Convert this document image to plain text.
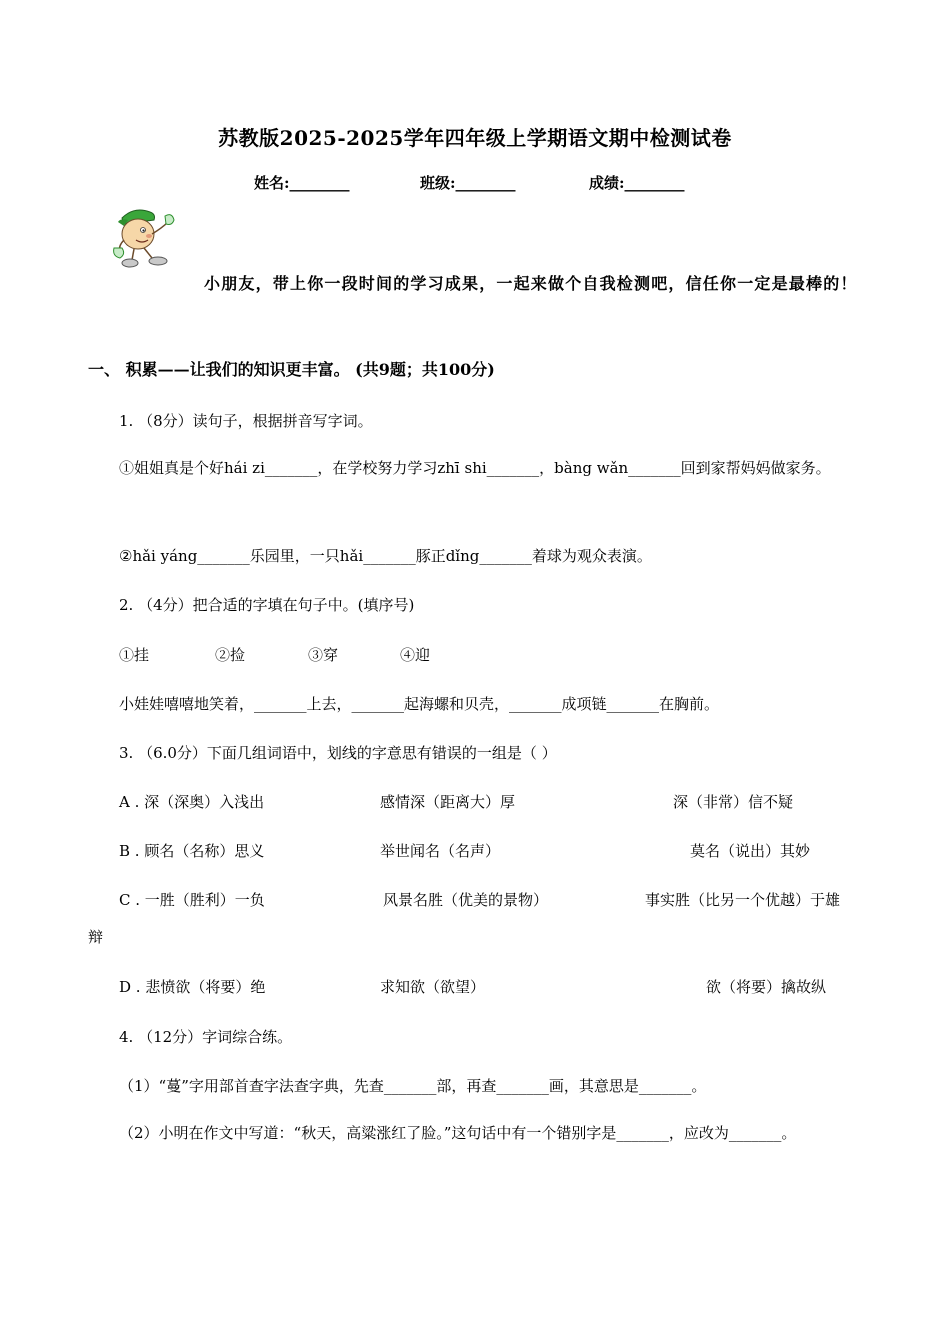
苏教版2025-2025学年四年级上学期语文期中检测试卷
姓名:________	班级:________	成绩:________
小朋友，带上你一段时间的学习成果，一起来做个自我检测吧，信任你一定是最棒的！
一、 积累——让我们的知识更丰富。 (共9题；共100分)
1. （8分）读句子，根据拼音写字词。
①姐姐真是个好hái zi_______，在学校努力学习zhī shi_______，bàng wǎn_______回到家帮妈妈做家务。
②hǎi yáng_______乐园里，一只hǎi_______豚正dǐng_______着球为观众表演。
2. （4分）把合适的字填在句子中。(填序号)
①挂	②捡	③穿	④迎
小娃娃嘻嘻地笑着，_______上去，_______起海螺和贝壳，_______成项链_______在胸前。
3. （6.0分）下面几组词语中，划线的字意思有错误的一组是（ ）
A . 深（深奥）入浅出	感情深（距离大）厚	深（非常）信不疑
B . 顾名（名称）思义	举世闻名（名声）	莫名（说出）其妙
C . 一胜（胜利）一负	风景名胜（优美的景物）	事实胜（比另一个优越）于雄
辩
D . 悲愤欲（将要）绝	求知欲（欲望）	欲（将要）擒故纵
4. （12分）字词综合练。
（1）“蔓”字用部首查字法查字典，先查_______部，再查_______画，其意思是_______。
（2）小明在作文中写道：“秋天，高粱涨红了脸。”这句话中有一个错别字是_______，应改为_______。
